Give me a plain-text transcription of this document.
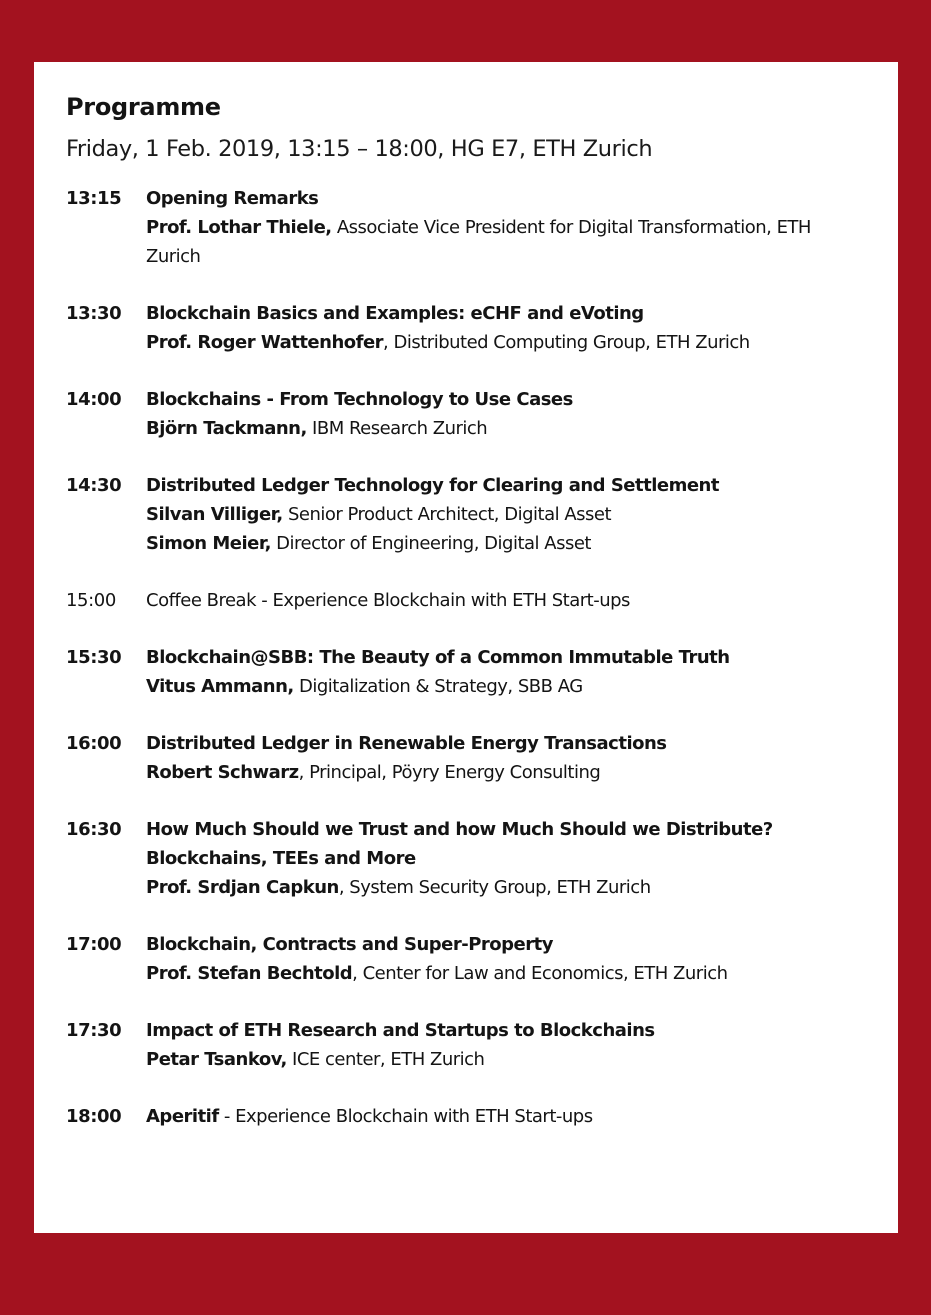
Programme
Friday, 1 Feb. 2019, 13:15 – 18:00, HG E7, ETH Zurich
13:15	Opening Remarks
Prof. Lothar Thiele, Associate Vice President for Digital Transformation, ETH Zurich
13:30	Blockchain Basics and Examples: eCHF and eVoting
Prof. Roger Wattenhofer, Distributed Computing Group, ETH Zurich
14:00	Blockchains - From Technology to Use Cases
Björn Tackmann, IBM Research Zurich
14:30	Distributed Ledger Technology for Clearing and Settlement
Silvan Villiger, Senior Product Architect, Digital Asset
Simon Meier, Director of Engineering, Digital Asset
15:00	Coffee Break - Experience Blockchain with ETH Start-ups
15:30	Blockchain@SBB: The Beauty of a Common Immutable Truth
Vitus Ammann, Digitalization & Strategy, SBB AG
16:00	Distributed Ledger in Renewable Energy Transactions
Robert Schwarz, Principal, Pöyry Energy Consulting
16:30	How Much Should we Trust and how Much Should we Distribute? Blockchains, TEEs and More
Prof. Srdjan Capkun, System Security Group, ETH Zurich
17:00	Blockchain, Contracts and Super-Property
Prof. Stefan Bechtold, Center for Law and Economics, ETH Zurich
17:30	Impact of ETH Research and Startups to Blockchains
Petar Tsankov, ICE center, ETH Zurich
18:00	Aperitif - Experience Blockchain with ETH Start-ups
